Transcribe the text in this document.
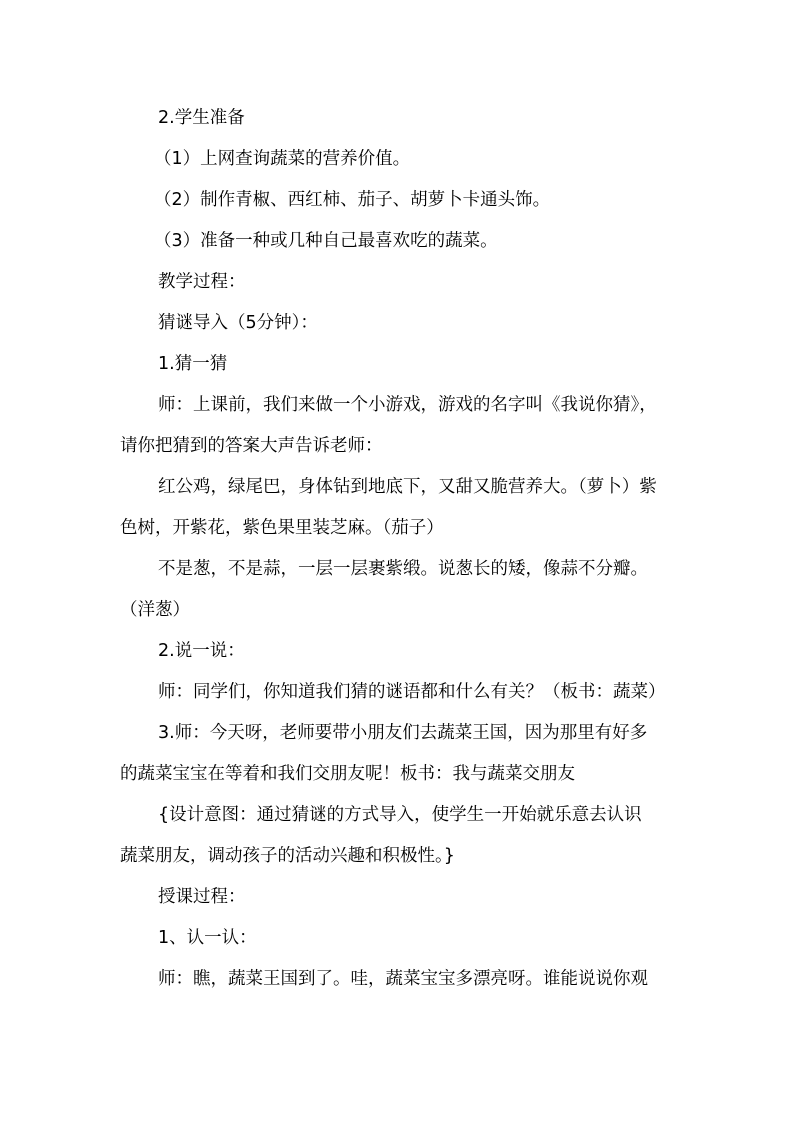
2.学生准备
（1）上网查询蔬菜的营养价值。
（2）制作青椒、西红柿、茄子、胡萝卜卡通头饰。
（3）准备一种或几种自己最喜欢吃的蔬菜。
教学过程：
猜谜导入（5分钟）：
1.猜一猜
师：上课前，我们来做一个小游戏，游戏的名字叫《我说你猜》，
请你把猜到的答案大声告诉老师：
红公鸡，绿尾巴，身体钻到地底下，又甜又脆营养大。（萝卜）紫
色树，开紫花，紫色果里装芝麻。（茄子）
不是葱，不是蒜，一层一层裹紫缎。说葱长的矮，像蒜不分瓣。
（洋葱）
2.说一说：
师：同学们，你知道我们猜的谜语都和什么有关？（板书：蔬菜）
3.师：今天呀，老师要带小朋友们去蔬菜王国，因为那里有好多
的蔬菜宝宝在等着和我们交朋友呢！板书：我与蔬菜交朋友
{设计意图：通过猜谜的方式导入，使学生一开始就乐意去认识
蔬菜朋友，调动孩子的活动兴趣和积极性。}
授课过程：
1、认一认：
师：瞧，蔬菜王国到了。哇，蔬菜宝宝多漂亮呀。谁能说说你观
